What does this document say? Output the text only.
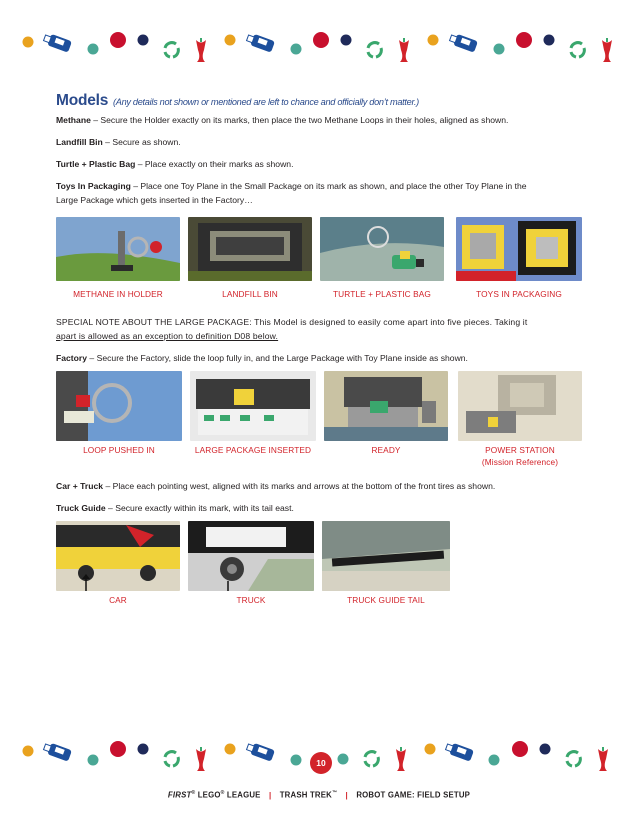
Models (Any details not shown or mentioned are left to chance and officially don’t matter.)

Methane – Secure the Holder exactly on its marks, then place the two Methane Loops in their holes, aligned as shown.

Landfill Bin – Secure as shown.

Turtle + Plastic Bag – Place exactly on their marks as shown.

Toys In Packaging – Place one Toy Plane in the Small Package on its mark as shown, and place the other Toy Plane in the
Large Package which gets inserted in the Factory…

METHANE IN HOLDER	LANDFILL BIN	TURTLE + PLASTIC BAG	TOYS IN PACKAGING

SPECIAL NOTE ABOUT THE LARGE PACKAGE: This Model is designed to easily come apart into five pieces. Taking it
apart is allowed as an exception to definition D08 below.

Factory – Secure the Factory, slide the loop fully in, and the Large Package with Toy Plane inside as shown.

LOOP PUSHED IN	LARGE PACKAGE INSERTED	READY	POWER STATION
(Mission Reference)

Car + Truck – Place each pointing west, aligned with its marks and arrows at the bottom of the front tires as shown.

Truck Guide – Secure exactly within its mark, with its tail east.

CAR	TRUCK	TRUCK GUIDE TAIL
10
FIRST® LEGO® LEAGUE | TRASH TREK™ | ROBOT GAME: FIELD SETUP
